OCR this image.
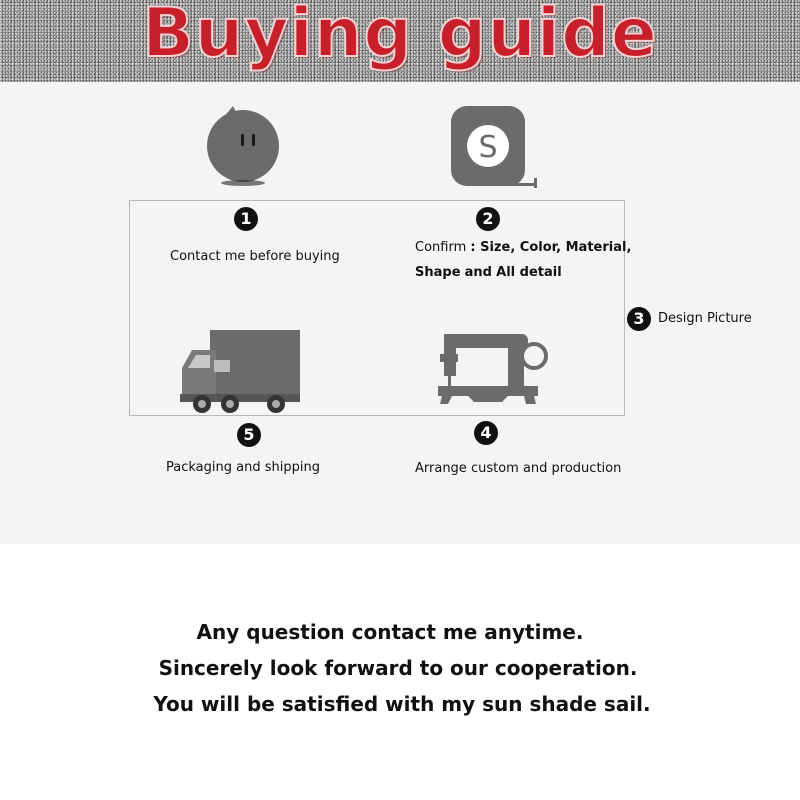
Buying guide
S
1
Contact me before buying
2
Confirm : Size, Color, Material,
Shape and All detail
3	Design Picture
5
Packaging and shipping
4
Arrange custom and production
Any question contact me anytime.
Sincerely look forward to our cooperation.
You will be satisfied with my sun shade sail.
